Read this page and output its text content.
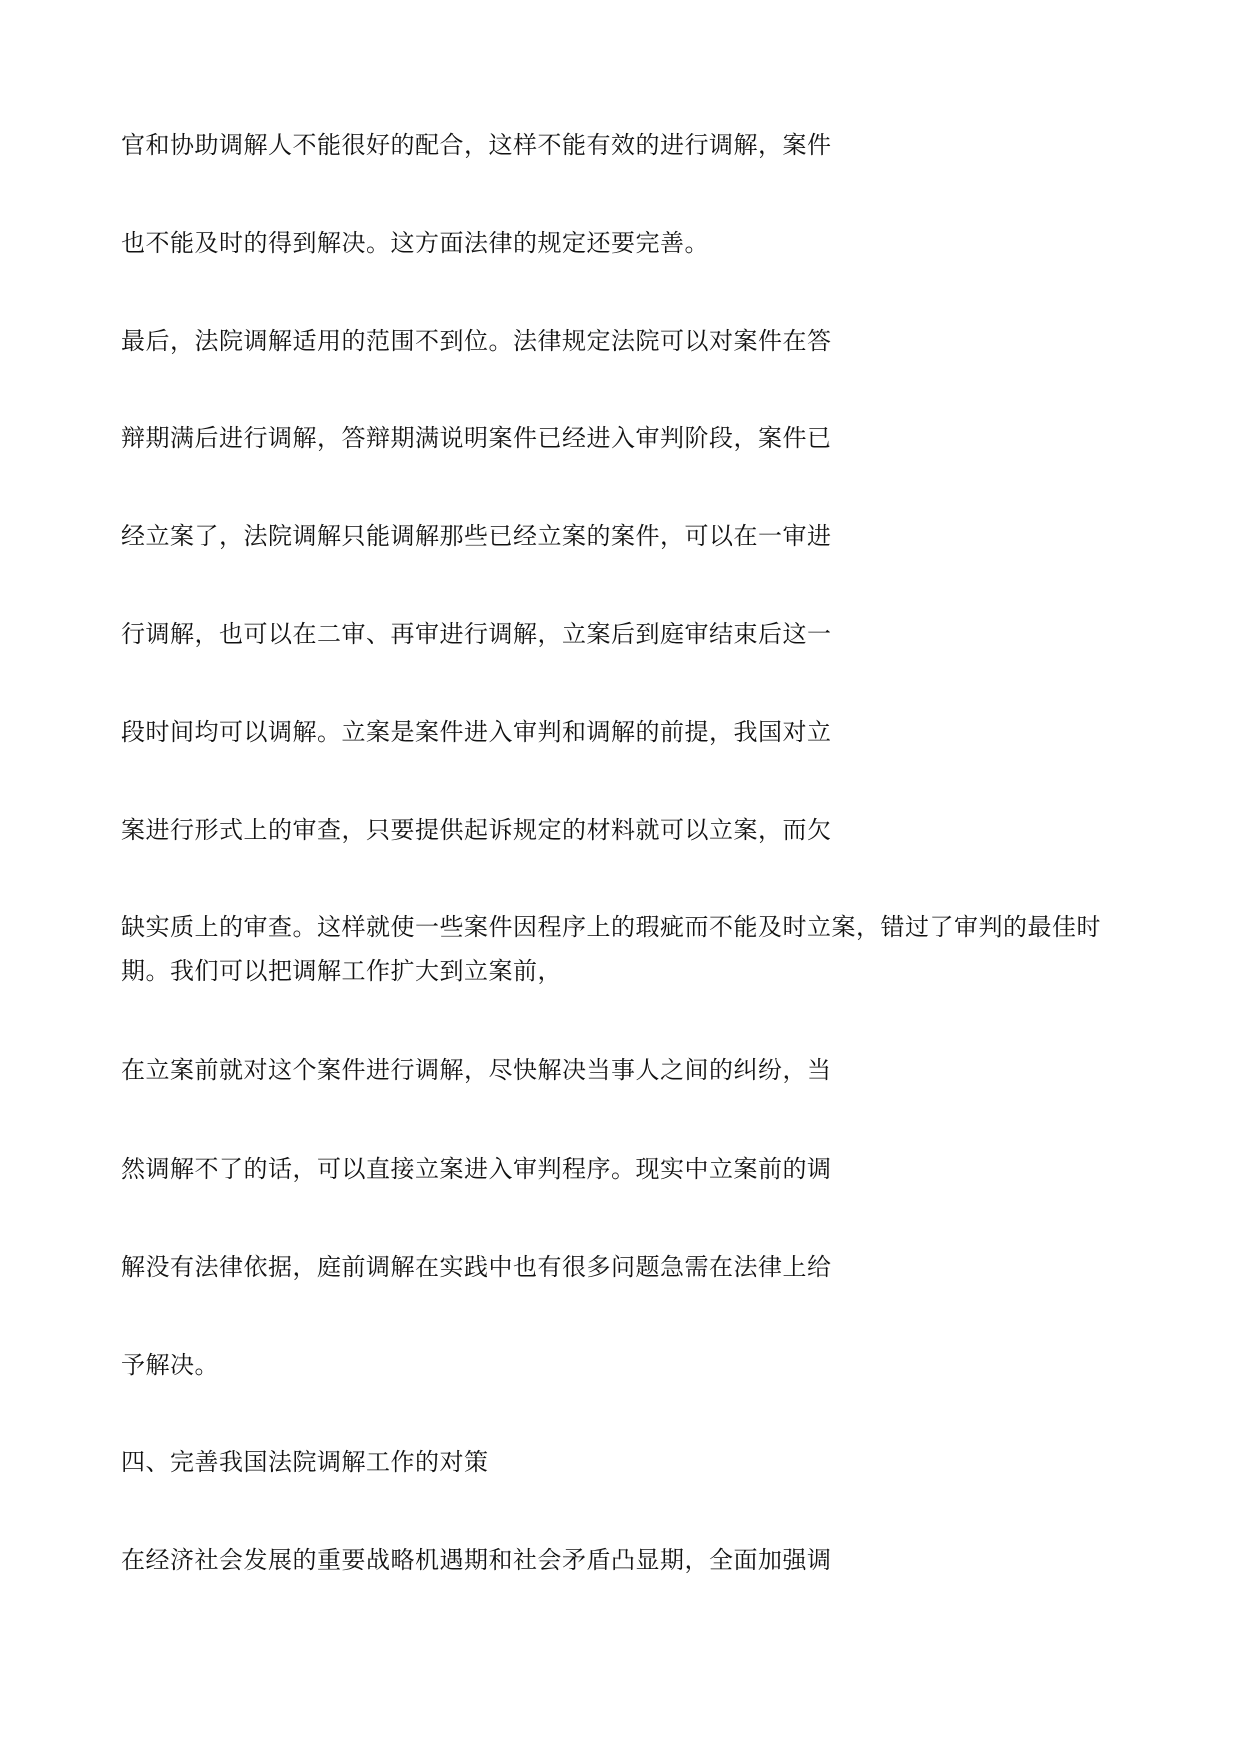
官和协助调解人不能很好的配合，这样不能有效的进行调解，案件

也不能及时的得到解决。这方面法律的规定还要完善。

最后，法院调解适用的范围不到位。法律规定法院可以对案件在答

辩期满后进行调解，答辩期满说明案件已经进入审判阶段，案件已

经立案了，法院调解只能调解那些已经立案的案件，可以在一审进

行调解，也可以在二审、再审进行调解，立案后到庭审结束后这一

段时间均可以调解。立案是案件进入审判和调解的前提，我国对立

案进行形式上的审查，只要提供起诉规定的材料就可以立案，而欠

缺实质上的审查。这样就使一些案件因程序上的瑕疵而不能及时立案，错过了审判的最佳时

期。我们可以把调解工作扩大到立案前，

在立案前就对这个案件进行调解，尽快解决当事人之间的纠纷，当

然调解不了的话，可以直接立案进入审判程序。现实中立案前的调

解没有法律依据，庭前调解在实践中也有很多问题急需在法律上给

予解决。

四、完善我国法院调解工作的对策

在经济社会发展的重要战略机遇期和社会矛盾凸显期，全面加强调
